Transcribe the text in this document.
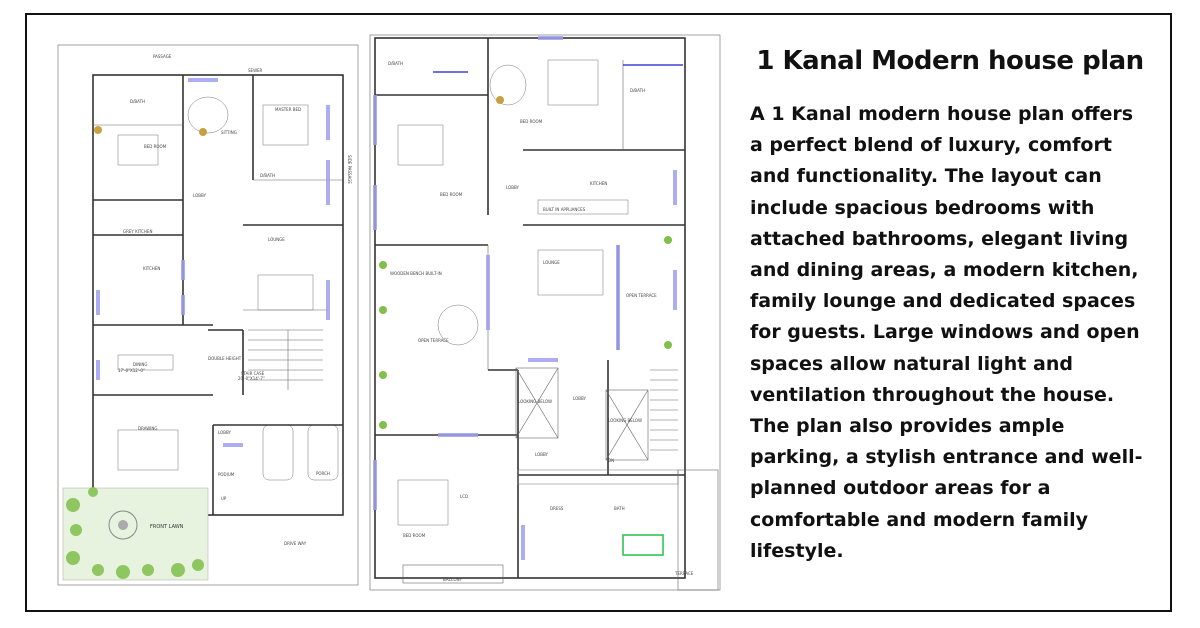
PASSAGE
SEWER
D/BATH
MASTER BED
SITTING
BED ROOM
D/BATH
LOBBY
GREY KITCHEN
KITCHEN
LOUNGE
DINING
17'-0"X12'-0"
DOUBLE HEIGHT
STAIR CASE
20'-0"X14'-7"
DRAWING
LOBBY
PODIUM	PORCH
FRONT LAWN
DRIVE WAY
UP
SIDE PASSAGE
D/BATH
BED ROOM
D/BATH
BED ROOM
LOBBY
KITCHEN
BUILT IN APPLIANCES
LOUNGE
OPEN TERRACE
OPEN TERRACE
WOODEN BENCH BUILT-IN
LOOKING BELOW
LOOKING BELOW
LOBBY
LOBBY
DN
BED ROOM
DRESS	BATH
BALCONY
TERRACE
LCD
1 Kanal Modern house plan

A 1 Kanal modern house plan offers a perfect blend of luxury, comfort and functionality. The layout can include spacious bedrooms with attached bathrooms, elegant living and dining areas, a modern kitchen, family lounge and dedicated spaces for guests. Large windows and open spaces allow natural light and ventilation throughout the house. The plan also provides ample parking, a stylish entrance and well-planned outdoor areas for a comfortable and modern family lifestyle.
